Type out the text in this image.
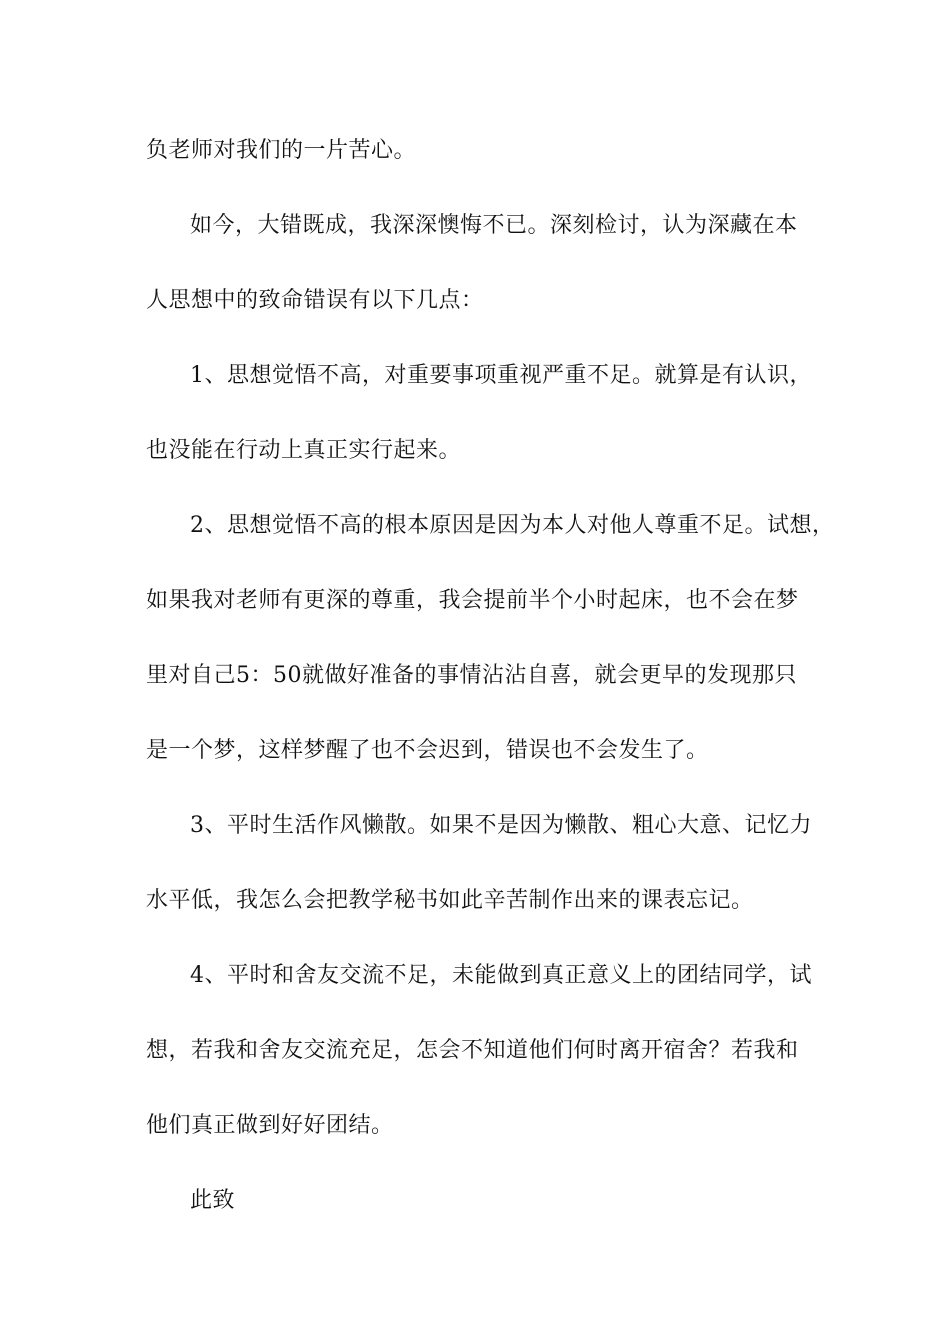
负老师对我们的一片苦心。
如今，大错既成，我深深懊悔不已。深刻检讨，认为深藏在本
人思想中的致命错误有以下几点：
1、思想觉悟不高，对重要事项重视严重不足。就算是有认识，
也没能在行动上真正实行起来。
2、思想觉悟不高的根本原因是因为本人对他人尊重不足。试想，
如果我对老师有更深的尊重，我会提前半个小时起床，也不会在梦
里对自己5：50就做好准备的事情沾沾自喜，就会更早的发现那只
是一个梦，这样梦醒了也不会迟到，错误也不会发生了。
3、平时生活作风懒散。如果不是因为懒散、粗心大意、记忆力
水平低，我怎么会把教学秘书如此辛苦制作出来的课表忘记。
4、平时和舍友交流不足，未能做到真正意义上的团结同学，试
想，若我和舍友交流充足，怎会不知道他们何时离开宿舍？若我和
他们真正做到好好团结。
此致
